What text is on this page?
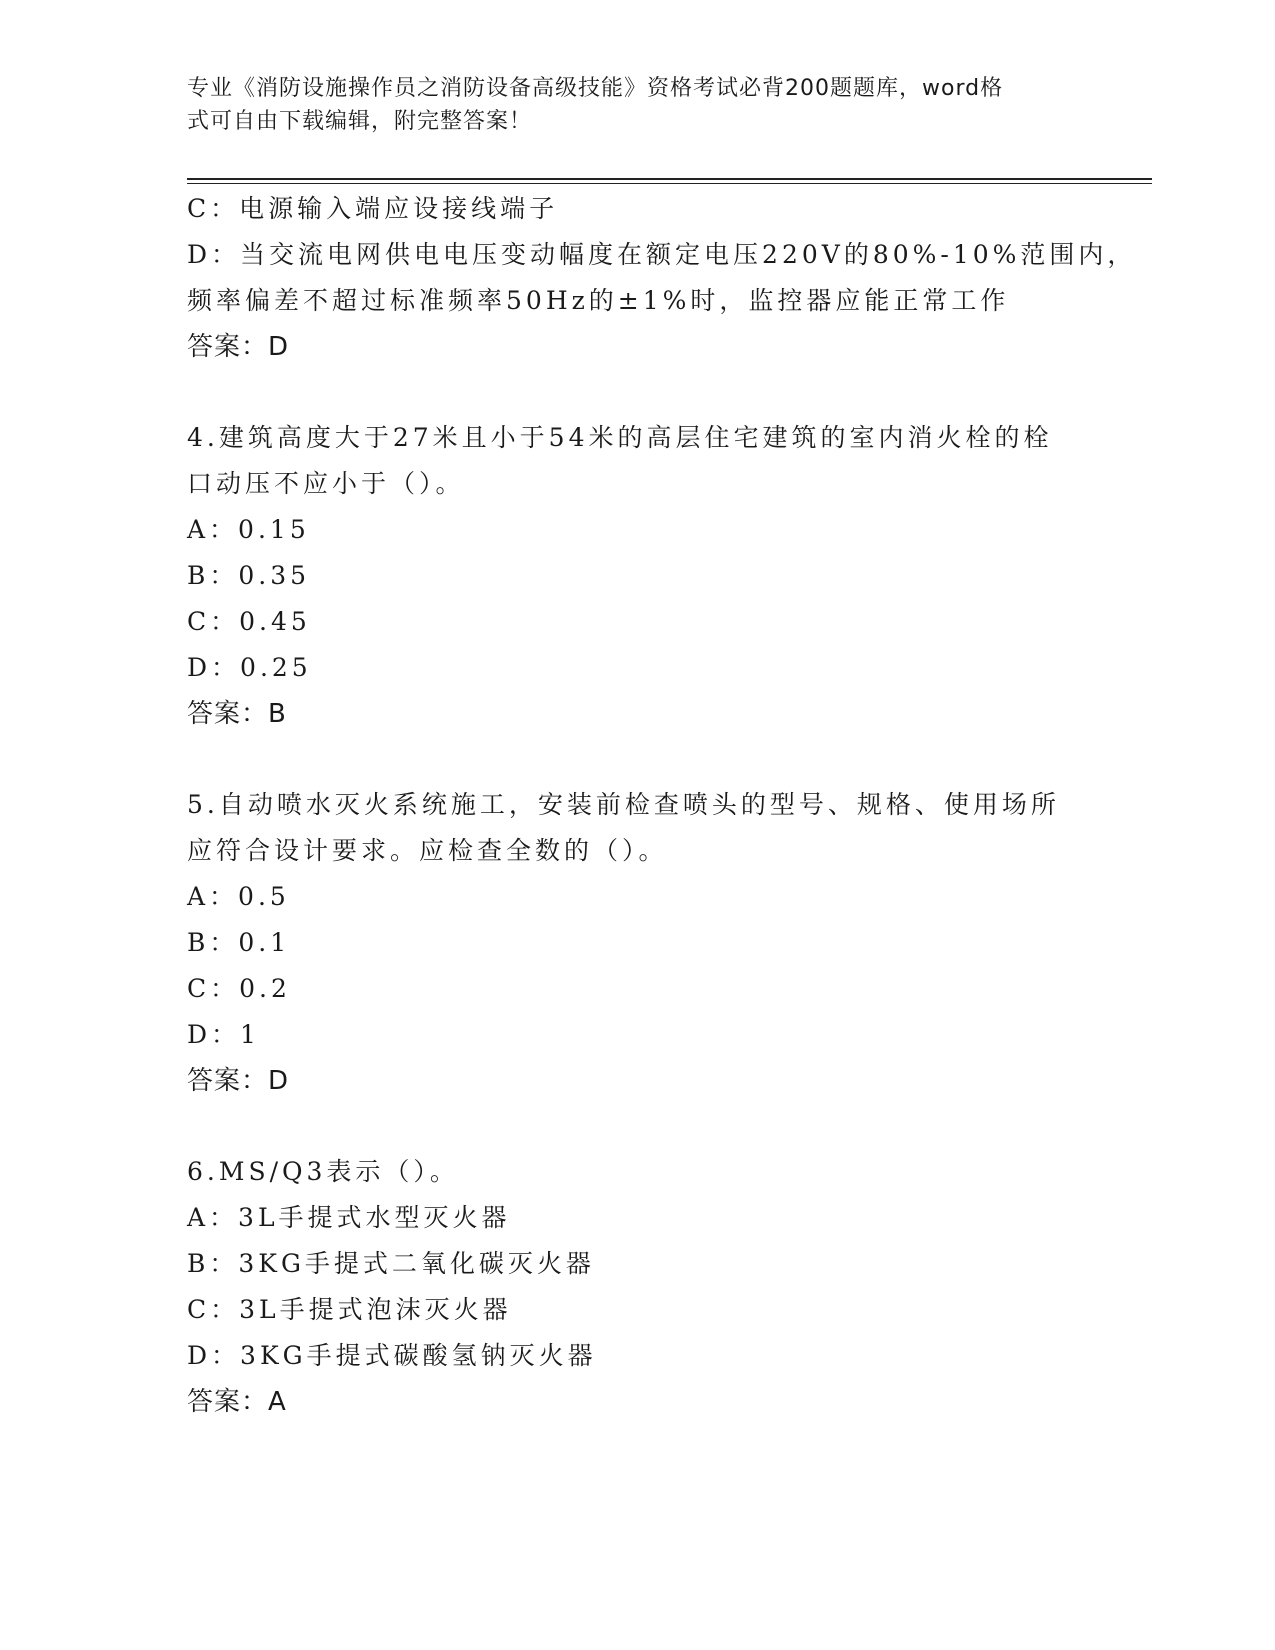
专业《消防设施操作员之消防设备高级技能》资格考试必背200题题库，word格
式可自由下载编辑，附完整答案！
C：电源输入端应设接线端子
D：当交流电网供电电压变动幅度在额定电压220V的80%-10%范围内，
频率偏差不超过标准频率50Hz的±1%时，监控器应能正常工作
答案：D
4.建筑高度大于27米且小于54米的高层住宅建筑的室内消火栓的栓
口动压不应小于（）。
A：0.15
B：0.35
C：0.45
D：0.25
答案：B
5.自动喷水灭火系统施工，安装前检查喷头的型号、规格、使用场所
应符合设计要求。应检查全数的（）。
A：0.5
B：0.1
C：0.2
D：1
答案：D
6.MS/Q3表示（）。
A：3L手提式水型灭火器
B：3KG手提式二氧化碳灭火器
C：3L手提式泡沫灭火器
D：3KG手提式碳酸氢钠灭火器
答案：A
